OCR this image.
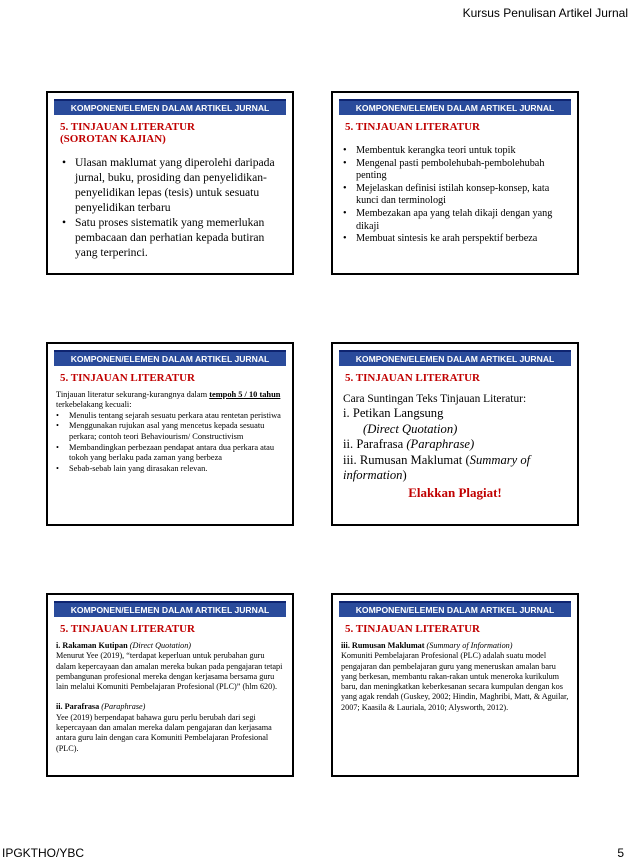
Kursus Penulisan Artikel Jurnal
KOMPONEN/ELEMEN DALAM ARTIKEL JURNAL
5. TINJAUAN LITERATUR
(SOROTAN KAJIAN)
• Ulasan maklumat yang diperolehi daripada jurnal, buku, prosiding dan penyelidikan-penyelidikan lepas (tesis) untuk sesuatu penyelidikan terbaru
• Satu proses sistematik yang memerlukan pembacaan dan perhatian kepada butiran yang terperinci.
KOMPONEN/ELEMEN DALAM ARTIKEL JURNAL
5. TINJAUAN LITERATUR
• Membentuk kerangka teori untuk topik
• Mengenal pasti pembolehubah-pembolehubah penting
• Mejelaskan definisi istilah konsep-konsep, kata kunci dan terminologi
• Membezakan apa yang telah dikaji dengan yang dikaji
• Membuat sintesis ke arah perspektif berbeza
KOMPONEN/ELEMEN DALAM ARTIKEL JURNAL
5. TINJAUAN LITERATUR
Tinjauan literatur sekurang-kurangnya dalam tempoh 5 / 10 tahun terkebelakang kecuali:
• Menulis tentang sejarah sesuatu perkara atau rentetan peristiwa
• Menggunakan rujukan asal yang mencetus kepada sesuatu perkara; contoh teori Behaviourism/ Constructivism
• Membandingkan perbezaan pendapat antara dua perkara atau tokoh yang berlaku pada zaman yang berbeza
• Sebab-sebab lain yang dirasakan relevan.
KOMPONEN/ELEMEN DALAM ARTIKEL JURNAL
5. TINJAUAN LITERATUR
Cara Suntingan Teks Tinjauan Literatur:
i. Petikan Langsung
(Direct Quotation)
ii. Parafrasa (Paraphrase)
iii. Rumusan Maklumat (Summary of information)
Elakkan Plagiat!
KOMPONEN/ELEMEN DALAM ARTIKEL JURNAL
5. TINJAUAN LITERATUR
i. Rakaman Kutipan (Direct Quotation)
Menurut Yee (2019), “terdapat keperluan untuk perubahan guru dalam kepercayaan dan amalan mereka bukan pada pengajaran tetapi pembangunan profesional mereka dengan kerjasama bersama guru lain melalui Komuniti Pembelajaran Profesional (PLC)” (hlm 620).
ii. Parafrasa (Paraphrase)
Yee (2019) berpendapat bahawa guru perlu berubah dari segi kepercayaan dan amalan mereka dalam pengajaran dan kerjasama antara guru lain dengan cara Komuniti Pembelajaran Profesional (PLC).
KOMPONEN/ELEMEN DALAM ARTIKEL JURNAL
5. TINJAUAN LITERATUR
iii. Rumusan Maklumat (Summary of Information)
Komuniti Pembelajaran Profesional (PLC) adalah suatu model pengajaran dan pembelajaran guru yang meneruskan amalan baru yang berkesan, membantu rakan-rakan untuk meneroka kurikulum baru, dan meningkatkan keberkesanan secara kumpulan dengan kos yang agak rendah (Guskey, 2002; Hindin, Maghribi, Matt, & Aguilar, 2007; Kaasila & Lauriala, 2010; Alysworth, 2012).
IPGKTHO/YBC	5
